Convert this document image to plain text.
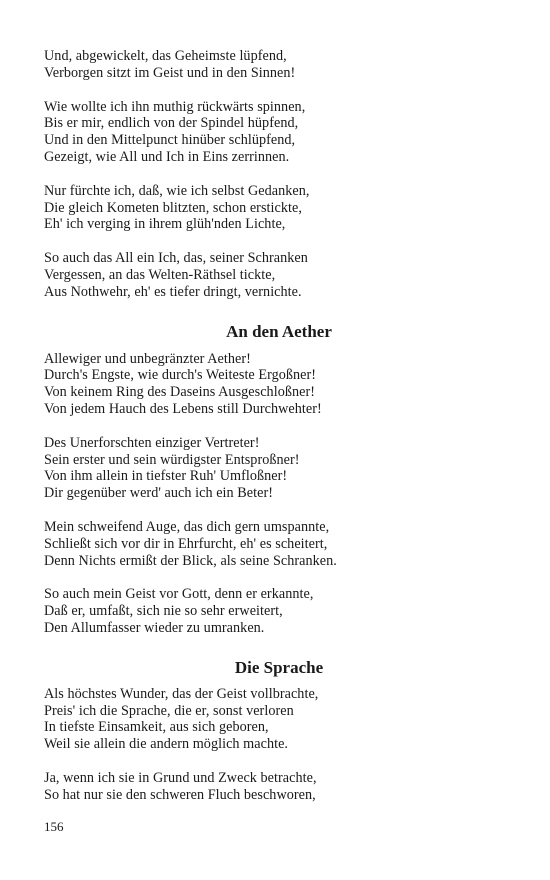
Und, abgewickelt, das Geheimste lüpfend,
Verborgen sitzt im Geist und in den Sinnen!
Wie wollte ich ihn muthig rückwärts spinnen,
Bis er mir, endlich von der Spindel hüpfend,
Und in den Mittelpunct hinüber schlüpfend,
Gezeigt, wie All und Ich in Eins zerrinnen.
Nur fürchte ich, daß, wie ich selbst Gedanken,
Die gleich Kometen blitzten, schon erstickte,
Eh' ich verging in ihrem glüh'nden Lichte,
So auch das All ein Ich, das, seiner Schranken
Vergessen, an das Welten-Räthsel tickte,
Aus Nothwehr, eh' es tiefer dringt, vernichte.
An den Aether
Allewiger und unbegränzter Aether!
Durch's Engste, wie durch's Weiteste Ergoßner!
Von keinem Ring des Daseins Ausgeschloßner!
Von jedem Hauch des Lebens still Durchwehter!
Des Unerforschten einziger Vertreter!
Sein erster und sein würdigster Entsproßner!
Von ihm allein in tiefster Ruh' Umfloßner!
Dir gegenüber werd' auch ich ein Beter!
Mein schweifend Auge, das dich gern umspannte,
Schließt sich vor dir in Ehrfurcht, eh' es scheitert,
Denn Nichts ermißt der Blick, als seine Schranken.
So auch mein Geist vor Gott, denn er erkannte,
Daß er, umfaßt, sich nie so sehr erweitert,
Den Allumfasser wieder zu umranken.
Die Sprache
Als höchstes Wunder, das der Geist vollbrachte,
Preis' ich die Sprache, die er, sonst verloren
In tiefste Einsamkeit, aus sich geboren,
Weil sie allein die andern möglich machte.
Ja, wenn ich sie in Grund und Zweck betrachte,
So hat nur sie den schweren Fluch beschworen,
156
